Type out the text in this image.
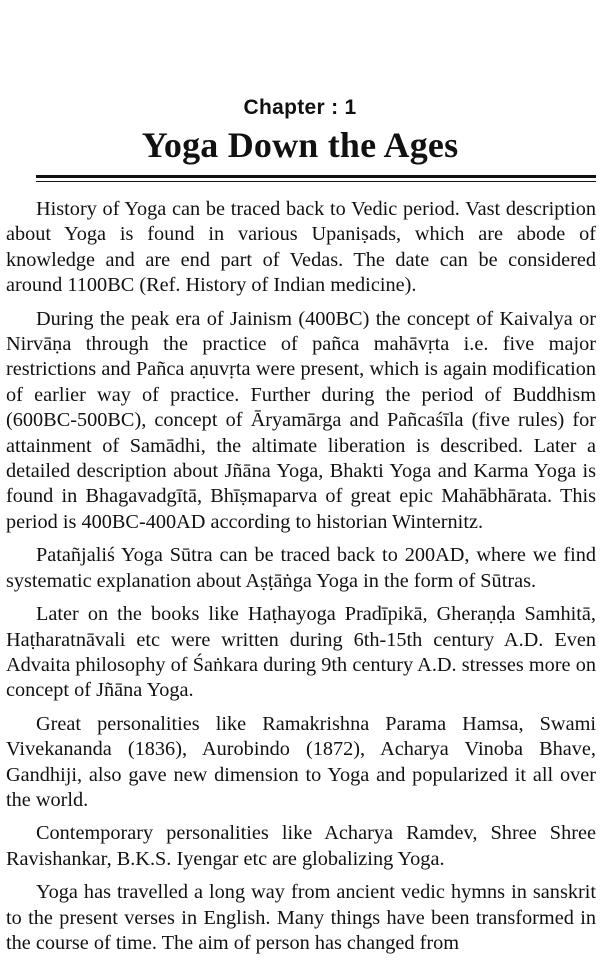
Chapter : 1
Yoga Down the Ages

History of Yoga can be traced back to Vedic period. Vast description about Yoga is found in various Upaniṣads, which are abode of knowledge and are end part of Vedas. The date can be considered around 1100BC (Ref. History of Indian medicine).

During the peak era of Jainism (400BC) the concept of Kaivalya or Nirvāṇa through the practice of pañca mahāvṛta i.e. five major restrictions and Pañca aṇuvṛta were present, which is again modification of earlier way of practice. Further during the period of Buddhism (600BC-500BC), concept of Āryamārga and Pañcaśīla (five rules) for attainment of Samādhi, the altimate liberation is described. Later a detailed description about Jñāna Yoga, Bhakti Yoga and Karma Yoga is found in Bhagavadgītā, Bhīṣmaparva of great epic Mahābhārata. This period is 400BC-400AD according to historian Winternitz.

Patañjaliś Yoga Sūtra can be traced back to 200AD, where we find systematic explanation about Aṣṭāṅga Yoga in the form of Sūtras.

Later on the books like Haṭhayoga Pradīpikā, Gheraṇḍa Samhitā, Haṭharatnāvali etc were written during 6th-15th century A.D. Even Advaita philosophy of Śaṅkara during 9th century A.D. stresses more on concept of Jñāna Yoga.

Great personalities like Ramakrishna Parama Hamsa, Swami Vivekananda (1836), Aurobindo (1872), Acharya Vinoba Bhave, Gandhiji, also gave new dimension to Yoga and popularized it all over the world.

Contemporary personalities like Acharya Ramdev, Shree Shree Ravishankar, B.K.S. Iyengar etc are globalizing Yoga.

Yoga has travelled a long way from ancient vedic hymns in sanskrit to the present verses in English. Many things have been transformed in the course of time. The aim of person has changed from
